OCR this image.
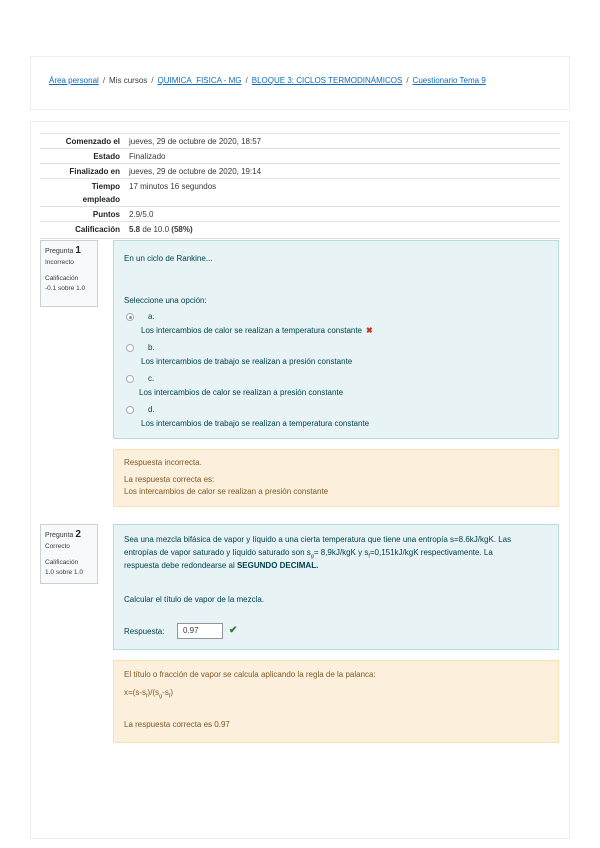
Área personal / Mis cursos / QUIMICA_FISICA - MG / BLOQUE 3: CICLOS TERMODINÁMICOS / Cuestionario Tema 9
Comenzado el jueves, 29 de octubre de 2020, 18:57
Estado Finalizado
Finalizado en jueves, 29 de octubre de 2020, 19:14
Tiempo
empleado
17 minutos 16 segundos
Puntos 2.9/5.0
Calificación 5.8 de 10.0 (58%)
Pregunta 1
Incorrecto
Calificación
-0.1 sobre 1.0
En un ciclo de Rankine...
Seleccione una opción:
a.
Los intercambios de calor se realizan a temperatura constante ✖
b.
Los intercambios de trabajo se realizan a presión constante
c.
Los intercambios de calor se realizan a presión constante
d.
Los intercambios de trabajo se realizan a temperatura constante
Respuesta incorrecta.
La respuesta correcta es:
Los intercambios de calor se realizan a presión constante
Pregunta 2
Correcto
Calificación
1.0 sobre 1.0
Sea una mezcla bifásica de vapor y líquido a una cierta temperatura que tiene una entropía s=8.6kJ/kgK. Las
entropías de vapor saturado y líquido saturado son $s_g= 8,9kJ/kgK$ y $s_f=0,151kJ$/kgK respectivamente. La
respuesta debe redondearse al SEGUNDO DECIMAL.
Calcular el título de vapor de la mezcla.
Respuesta:	0.97	✔
El título o fracción de vapor se calcula aplicando la regla de la palanca:
$x=(s-s_f)/(s_g-s_f)$
La respuesta correcta es 0.97
